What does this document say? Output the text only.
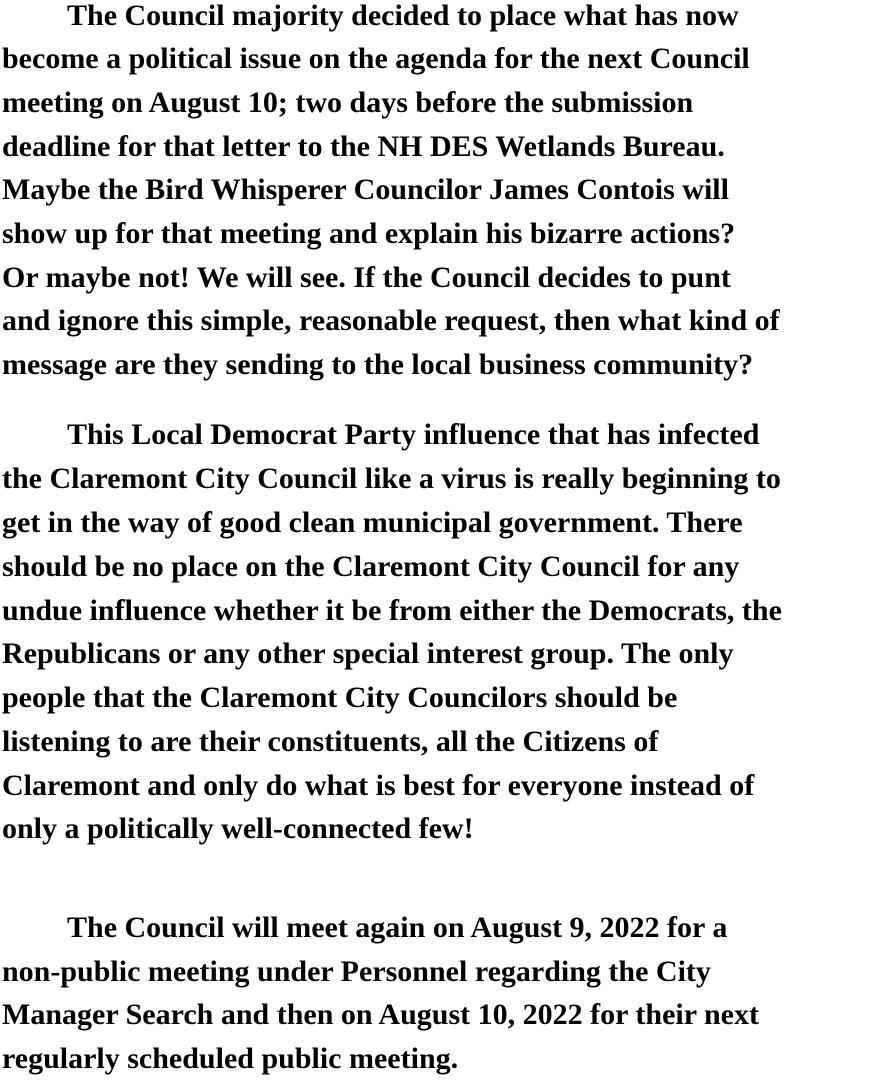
The Council majority decided to place what has now
become a political issue on the agenda for the next Council
meeting on August 10; two days before the submission
deadline for that letter to the NH DES Wetlands Bureau.
Maybe the Bird Whisperer Councilor James Contois will
show up for that meeting and explain his bizarre actions?
Or maybe not! We will see. If the Council decides to punt
and ignore this simple, reasonable request, then what kind of
message are they sending to the local business community?
This Local Democrat Party influence that has infected
the Claremont City Council like a virus is really beginning to
get in the way of good clean municipal government. There
should be no place on the Claremont City Council for any
undue influence whether it be from either the Democrats, the
Republicans or any other special interest group. The only
people that the Claremont City Councilors should be
listening to are their constituents, all the Citizens of
Claremont and only do what is best for everyone instead of
only a politically well-connected few!
The Council will meet again on August 9, 2022 for a
non-public meeting under Personnel regarding the City
Manager Search and then on August 10, 2022 for their next
regularly scheduled public meeting.
